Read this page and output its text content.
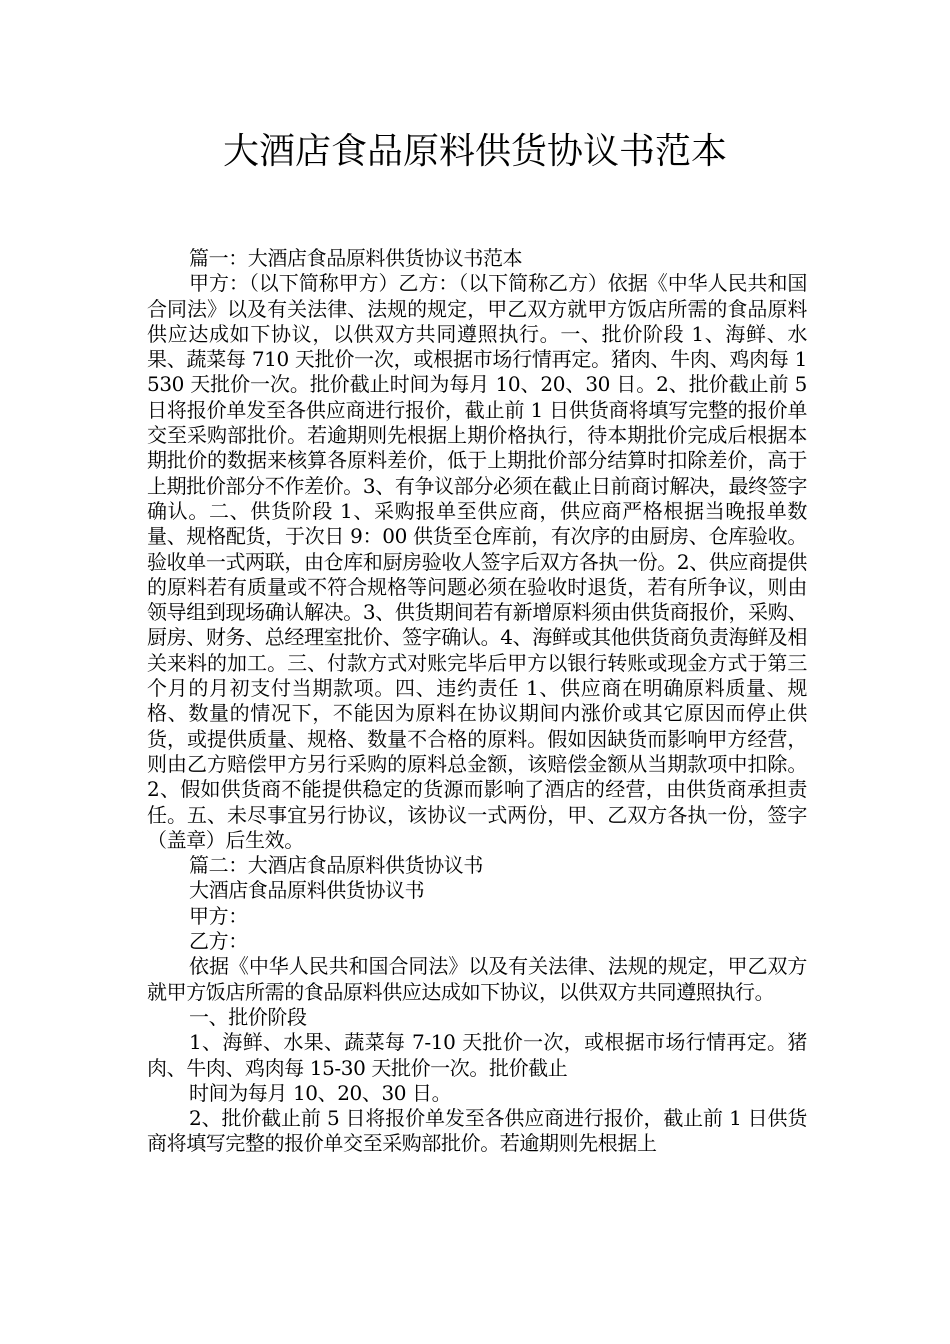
大酒店食品原料供货协议书范本

篇一：大酒店食品原料供货协议书范本

甲方：（以下简称甲方）乙方：（以下简称乙方）依据《中华人民共和国合同法》以及有关法律、法规的规定，甲乙双方就甲方饭店所需的食品原料供应达成如下协议，以供双方共同遵照执行。一、批价阶段 1、海鲜、水果、蔬菜每 710 天批价一次，或根据市场行情再定。猪肉、牛肉、鸡肉每 1530 天批价一次。批价截止时间为每月 10、20、30 日。2、批价截止前 5 日将报价单发至各供应商进行报价，截止前 1 日供货商将填写完整的报价单交至采购部批价。若逾期则先根据上期价格执行，待本期批价完成后根据本期批价的数据来核算各原料差价，低于上期批价部分结算时扣除差价，高于上期批价部分不作差价。3、有争议部分必须在截止日前商讨解决，最终签字确认。二、供货阶段 1、采购报单至供应商，供应商严格根据当晚报单数量、规格配货，于次日 9：00 供货至仓库前，有次序的由厨房、仓库验收。验收单一式两联，由仓库和厨房验收人签字后双方各执一份。2、供应商提供的原料若有质量或不符合规格等问题必须在验收时退货，若有所争议，则由领导组到现场确认解决。3、供货期间若有新增原料须由供货商报价，采购、厨房、财务、总经理室批价、签字确认。4、海鲜或其他供货商负责海鲜及相关来料的加工。三、付款方式对账完毕后甲方以银行转账或现金方式于第三个月的月初支付当期款项。四、违约责任 1、供应商在明确原料质量、规格、数量的情况下，不能因为原料在协议期间内涨价或其它原因而停止供货，或提供质量、规格、数量不合格的原料。假如因缺货而影响甲方经营，则由乙方赔偿甲方另行采购的原料总金额，该赔偿金额从当期款项中扣除。2、假如供货商不能提供稳定的货源而影响了酒店的经营，由供货商承担责任。五、未尽事宜另行协议，该协议一式两份，甲、乙双方各执一份，签字（盖章）后生效。

篇二：大酒店食品原料供货协议书

大酒店食品原料供货协议书

甲方：

乙方：

依据《中华人民共和国合同法》以及有关法律、法规的规定，甲乙双方就甲方饭店所需的食品原料供应达成如下协议，以供双方共同遵照执行。

一、批价阶段

1、海鲜、水果、蔬菜每 7-10 天批价一次，或根据市场行情再定。猪肉、牛肉、鸡肉每 15-30 天批价一次。批价截止

时间为每月 10、20、30 日。

2、批价截止前 5 日将报价单发至各供应商进行报价，截止前 1 日供货商将填写完整的报价单交至采购部批价。若逾期则先根据上
